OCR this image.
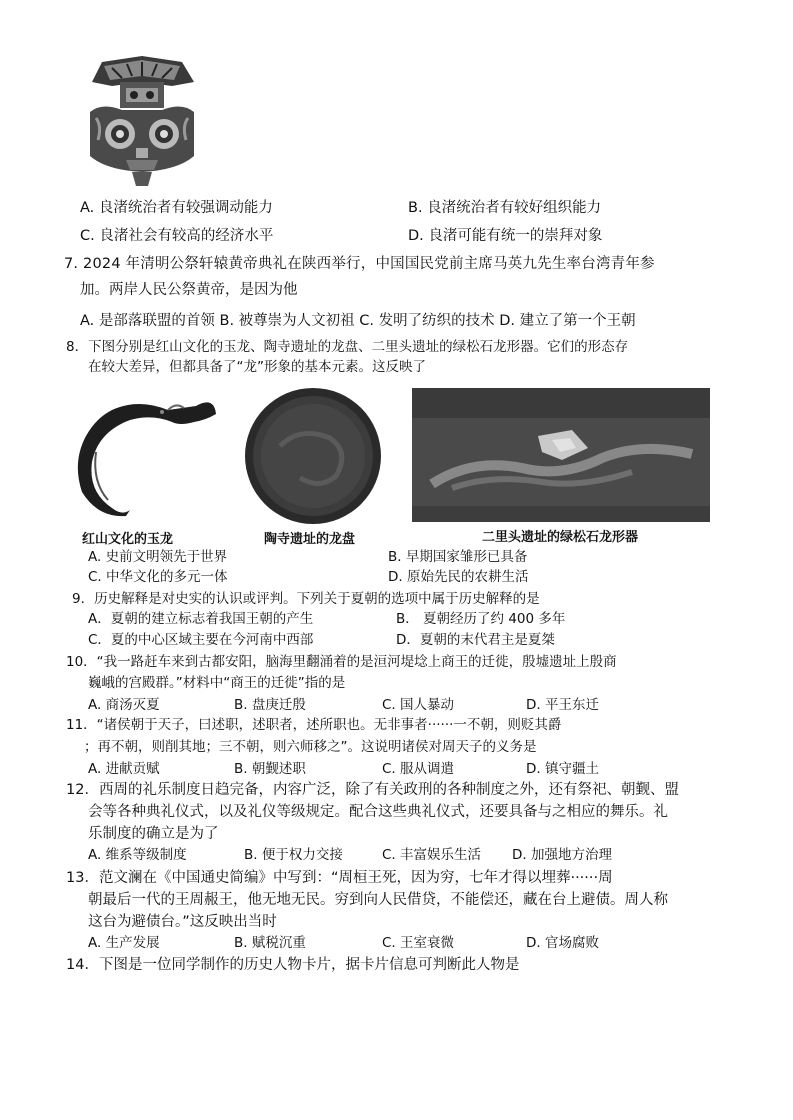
A. 良渚统治者有较强调动能力	B. 良渚统治者有较好组织能力
C. 良渚社会有较高的经济水平	D. 良渚可能有统一的崇拜对象
7. 2024 年清明公祭轩辕黄帝典礼在陕西举行，中国国民党前主席马英九先生率台湾青年参
加。两岸人民公祭黄帝，是因为他
A. 是部落联盟的首领 B. 被尊崇为人文初祖 C. 发明了纺织的技术 D. 建立了第一个王朝
8．下图分别是红山文化的玉龙、陶寺遗址的龙盘、二里头遗址的绿松石龙形器。它们的形态存
在较大差异，但都具备了“龙”形象的基本元素。这反映了
红山文化的玉龙	陶寺遗址的龙盘	二里头遗址的绿松石龙形器
A. 史前文明领先于世界	B. 早期国家雏形已具备
C. 中华文化的多元一体	D. 原始先民的农耕生活
9．历史解释是对史实的认识或评判。下列关于夏朝的选项中属于历史解释的是
A．夏朝的建立标志着我国王朝的产生	B． 夏朝经历了约 400 多年
C．夏的中心区域主要在今河南中西部	D．夏朝的末代君主是夏桀
10．“我一路赶车来到古都安阳，脑海里翻涌着的是洹河堤埝上商王的迁徙，殷墟遗址上殷商
巍峨的宫殿群。”材料中“商王的迁徙”指的是
A. 商汤灭夏	B. 盘庚迁殷	C. 国人暴动	D. 平王东迁
11．“诸侯朝于天子，曰述职，述职者，述所职也。无非事者······一不朝，则贬其爵
；再不朝，则削其地；三不朝，则六师移之”。这说明诸侯对周天子的义务是
A. 进献贡赋	B. 朝觐述职	C. 服从调遣	D. 镇守疆土
12．西周的礼乐制度日趋完备，内容广泛，除了有关政刑的各种制度之外，还有祭祀、朝觐、盟
会等各种典礼仪式，以及礼仪等级规定。配合这些典礼仪式，还要具备与之相应的舞乐。礼
乐制度的确立是为了
A. 维系等级制度	B. 便于权力交接	C. 丰富娱乐生活 D. 加强地方治理
13．范文澜在《中国通史简编》中写到：“周桓王死，因为穷，七年才得以埋葬······周
朝最后一代的王周赧王，他无地无民。穷到向人民借贷，不能偿还，藏在台上避债。周人称
这台为避债台。”这反映出当时
A. 生产发展	B. 赋税沉重	C. 王室衰微	D. 官场腐败
14．下图是一位同学制作的历史人物卡片，据卡片信息可判断此人物是
